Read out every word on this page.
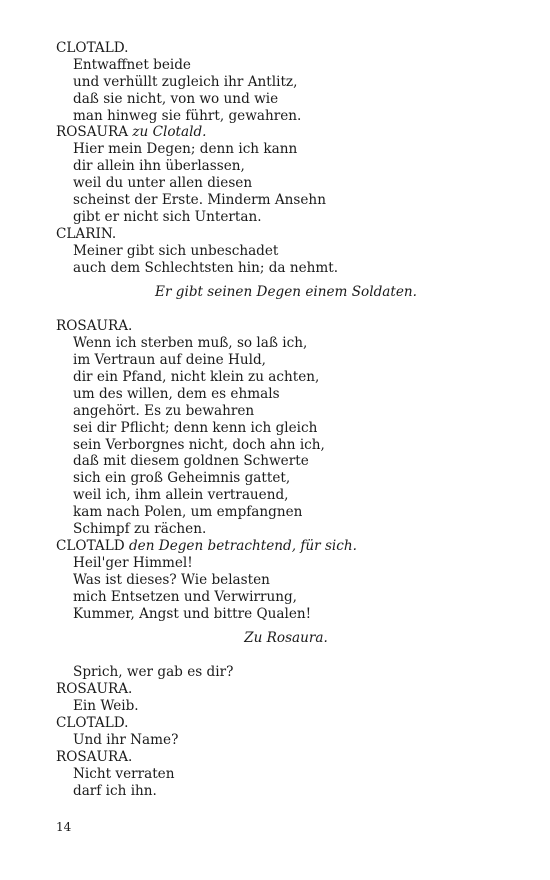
CLOTALD.
Entwaffnet beide
und verhüllt zugleich ihr Antlitz,
daß sie nicht, von wo und wie
man hinweg sie führt, gewahren.
ROSAURA zu Clotald.
Hier mein Degen; denn ich kann
dir allein ihn überlassen,
weil du unter allen diesen
scheinst der Erste. Minderm Ansehn
gibt er nicht sich Untertan.
CLARIN.
Meiner gibt sich unbeschadet
auch dem Schlechtsten hin; da nehmt.
Er gibt seinen Degen einem Soldaten.
ROSAURA.
Wenn ich sterben muß, so laß ich,
im Vertraun auf deine Huld,
dir ein Pfand, nicht klein zu achten,
um des willen, dem es ehmals
angehört. Es zu bewahren
sei dir Pflicht; denn kenn ich gleich
sein Verborgnes nicht, doch ahn ich,
daß mit diesem goldnen Schwerte
sich ein groß Geheimnis gattet,
weil ich, ihm allein vertrauend,
kam nach Polen, um empfangnen
Schimpf zu rächen.
CLOTALD den Degen betrachtend, für sich.
Heil'ger Himmel!
Was ist dieses? Wie belasten
mich Entsetzen und Verwirrung,
Kummer, Angst und bittre Qualen!
Zu Rosaura.
Sprich, wer gab es dir?
ROSAURA.
Ein Weib.
CLOTALD.
Und ihr Name?
ROSAURA.
Nicht verraten
darf ich ihn.
14
